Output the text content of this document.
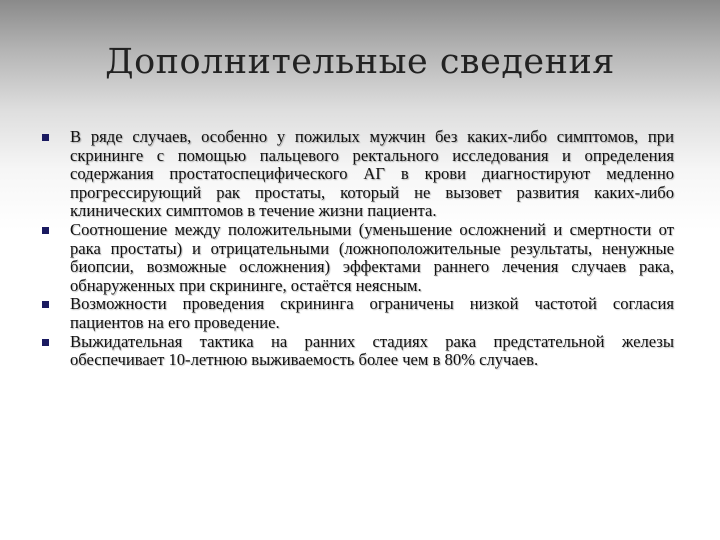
Дополнительные сведения
В ряде случаев, особенно у пожилых мужчин без каких-либо симптомов, при скрининге с помощью пальцевого ректального исследования и определения содержания простатоспецифического АГ в крови диагностируют медленно прогрессирующий рак простаты, который не вызовет развития каких-либо клинических симптомов в течение жизни пациента.
Соотношение между положительными (уменьшение осложнений и смертности от рака простаты) и отрицательными (ложноположительные результаты, ненужные биопсии, возможные осложнения) эффектами раннего лечения случаев рака, обнаруженных при скрининге, остаётся неясным.
Возможности проведения скрининга ограничены низкой частотой согласия пациентов на его проведение.
Выжидательная тактика на ранних стадиях рака предстательной железы обеспечивает 10-летнюю выживаемость более чем в 80% случаев.
